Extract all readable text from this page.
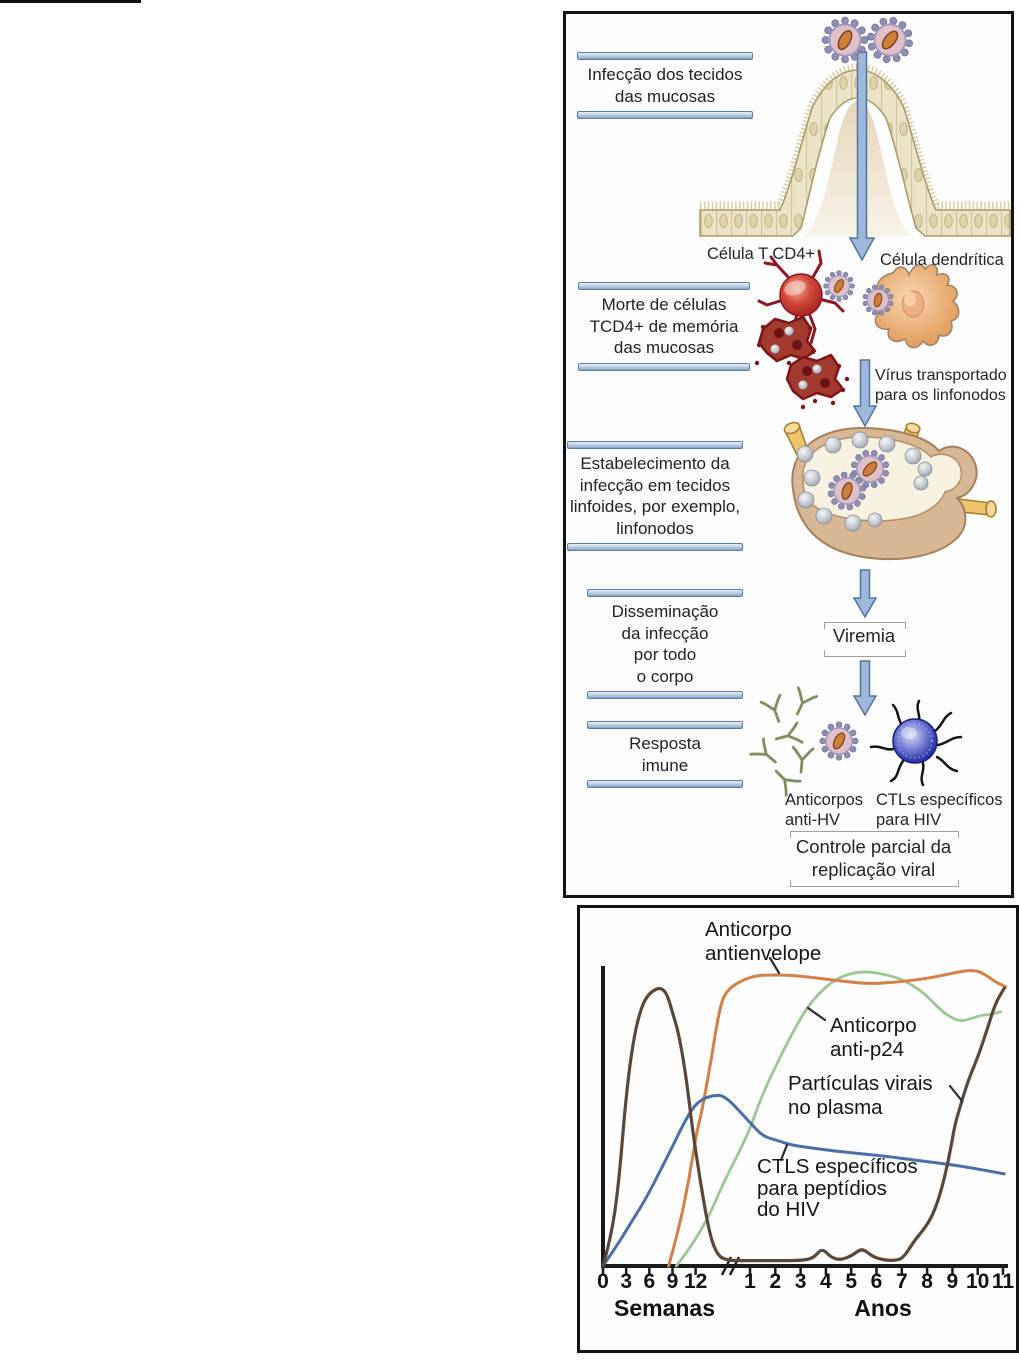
Infecção dos tecidos
das mucosas
Morte de células
TCD4+ de memória
das mucosas
Estabelecimento da
infecção em tecidos
linfoides, por exemplo,
linfonodos
Disseminação
da infecção
por todo
o corpo
Resposta
imune
Célula T CD4+	Célula dendrítica
Vírus transportado
para os linfonodos
Viremia
Anticorpos
anti-HV
CTLs específicos
para HIV
Controle parcial da
replicação viral
Anticorpo
antienvelope
Anticorpo
anti-p24
Partículas virais
no plasma
CTLS específicos
para peptídios
do HIV
0 3 6 9 12 1 2 3 4 5 6 7 8 9 10 11
Semanas	Anos
